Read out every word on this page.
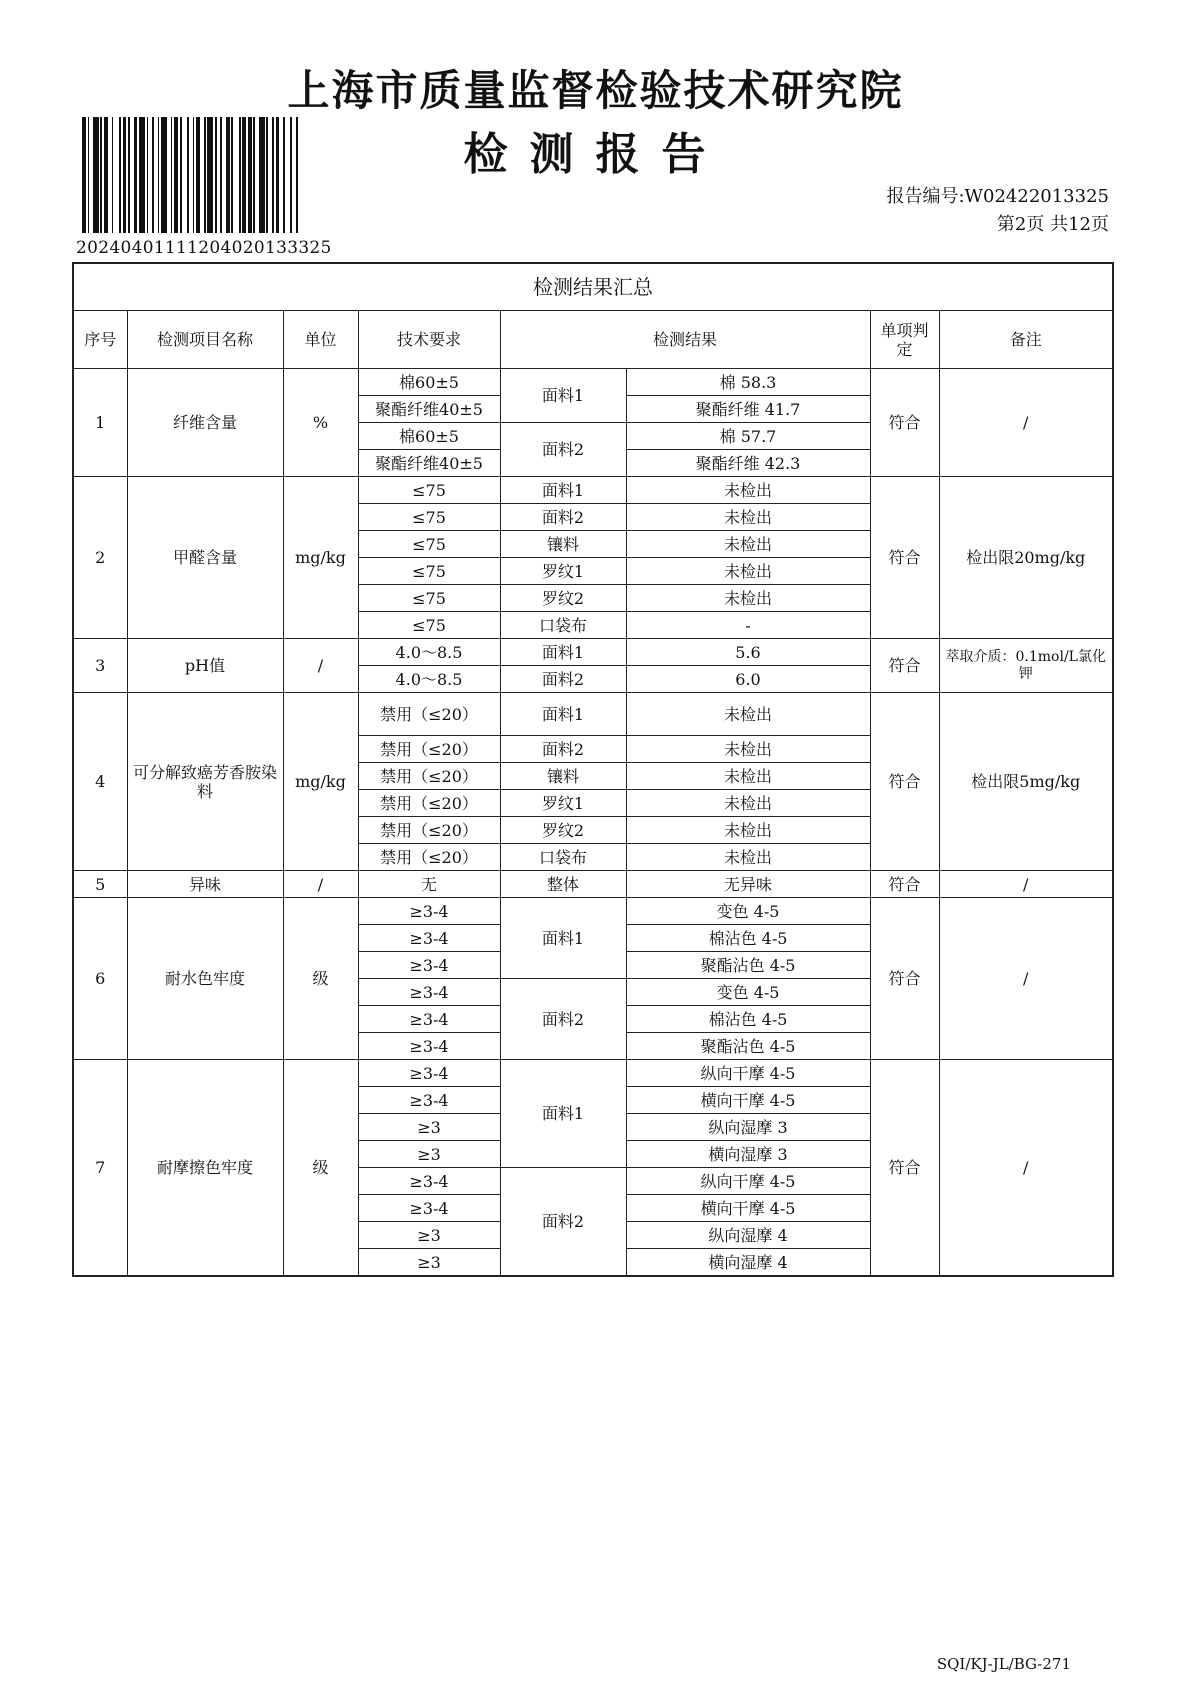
上海市质量监督检验技术研究院
检测报告
20240401111204020133325
报告编号:W02422013325
第2页 共12页
检测结果汇总							
序号	检测项目名称	单位	技术要求	检测结果		单项判定	备注
1	纤维含量	%	棉60±5	面料1	棉 58.3	符合	/
			聚酯纤维40±5		聚酯纤维 41.7		
			棉60±5	面料2	棉 57.7		
			聚酯纤维40±5		聚酯纤维 42.3		
2	甲醛含量	mg/kg	≤75	面料1	未检出	符合	检出限20mg/kg
			≤75	面料2	未检出		
			≤75	镶料	未检出		
			≤75	罗纹1	未检出		
			≤75	罗纹2	未检出		
			≤75	口袋布	-		
3	pH值	/	4.0～8.5	面料1	5.6	符合	萃取介质：0.1mol/L氯化钾
			4.0～8.5	面料2	6.0		
4	可分解致癌芳香胺染料	mg/kg	禁用（≤20）	面料1	未检出	符合	检出限5mg/kg
			禁用（≤20）	面料2	未检出		
			禁用（≤20）	镶料	未检出		
			禁用（≤20）	罗纹1	未检出		
			禁用（≤20）	罗纹2	未检出		
			禁用（≤20）	口袋布	未检出		
5	异味	/	无	整体	无异味	符合	/
6	耐水色牢度	级	≥3-4	面料1	变色 4-5	符合	/
			≥3-4		棉沾色 4-5		
			≥3-4		聚酯沾色 4-5		
			≥3-4	面料2	变色 4-5		
			≥3-4		棉沾色 4-5		
			≥3-4		聚酯沾色 4-5		
7	耐摩擦色牢度	级	≥3-4	面料1	纵向干摩 4-5	符合	/
			≥3-4		横向干摩 4-5		
			≥3		纵向湿摩 3		
			≥3		横向湿摩 3		
			≥3-4	面料2	纵向干摩 4-5		
			≥3-4		横向干摩 4-5		
			≥3		纵向湿摩 4		
			≥3		横向湿摩 4		
SQI/KJ-JL/BG-271
